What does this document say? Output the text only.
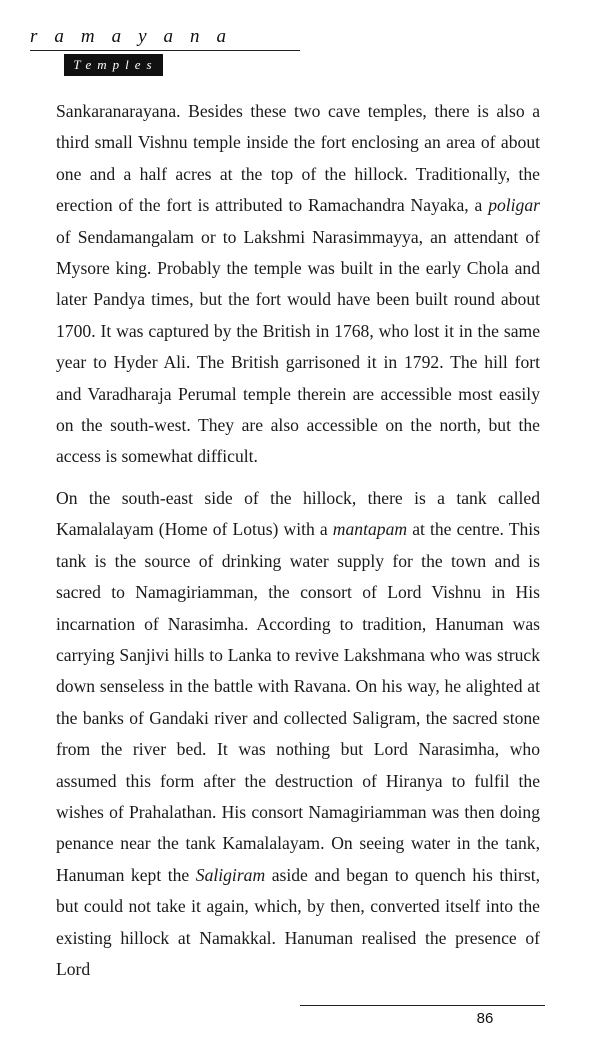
ramayana
Temples

Sankaranarayana. Besides these two cave temples, there is also a third small Vishnu temple inside the fort enclosing an area of about one and a half acres at the top of the hillock. Traditionally, the erection of the fort is attributed to Ramachandra Nayaka, a poligar of Sendamangalam or to Lakshmi Narasimmayya, an attendant of Mysore king. Probably the temple was built in the early Chola and later Pandya times, but the fort would have been built round about 1700. It was captured by the British in 1768, who lost it in the same year to Hyder Ali. The British garrisoned it in 1792. The hill fort and Varadharaja Perumal temple therein are accessible most easily on the south-west. They are also accessible on the north, but the access is somewhat difficult.

On the south-east side of the hillock, there is a tank called Kamalalayam (Home of Lotus) with a mantapam at the centre. This tank is the source of drinking water supply for the town and is sacred to Namagiriamman, the consort of Lord Vishnu in His incarnation of Narasimha. According to tradition, Hanuman was carrying Sanjivi hills to Lanka to revive Lakshmana who was struck down senseless in the battle with Ravana. On his way, he alighted at the banks of Gandaki river and collected Saligram, the sacred stone from the river bed. It was nothing but Lord Narasimha, who assumed this form after the destruction of Hiranya to fulfil the wishes of Prahalathan. His consort Namagiriamman was then doing penance near the tank Kamalalayam. On seeing water in the tank, Hanuman kept the Saligiram aside and began to quench his thirst, but could not take it again, which, by then, converted itself into the existing hillock at Namakkal. Hanuman realised the presence of Lord

86
